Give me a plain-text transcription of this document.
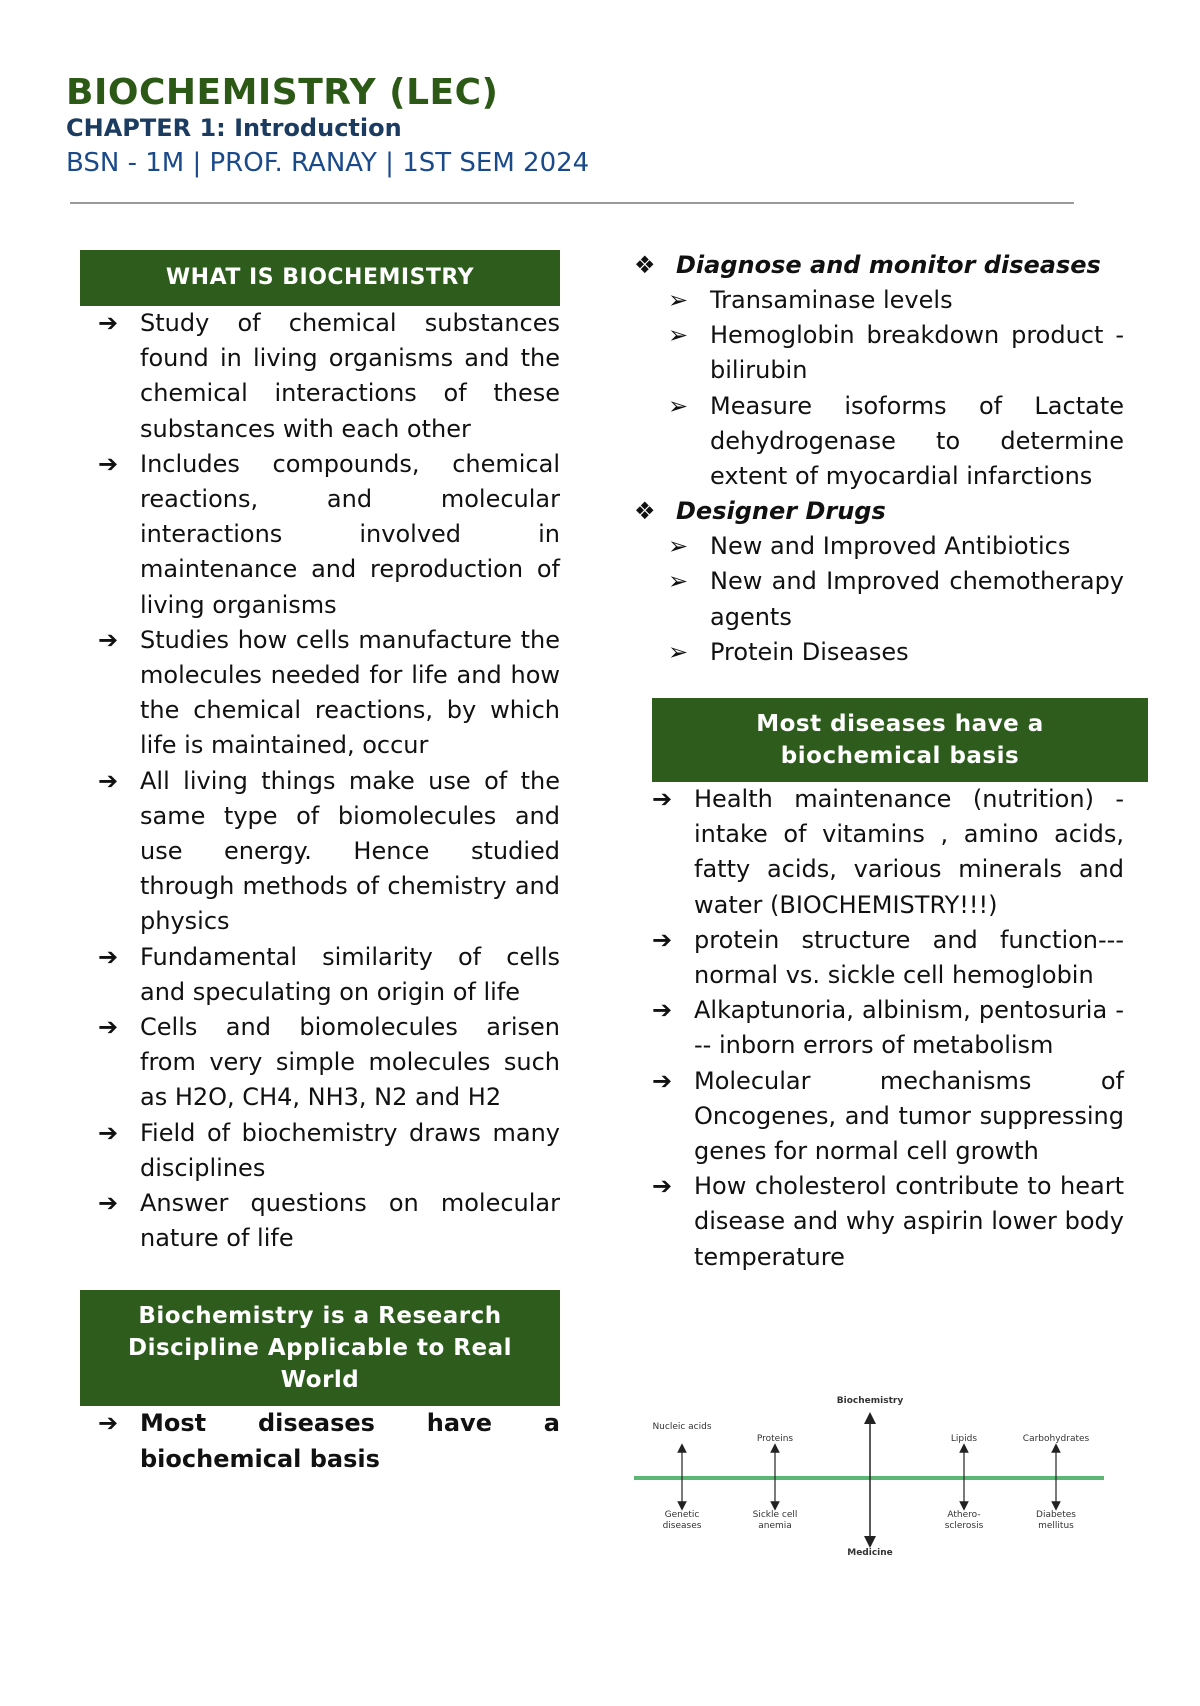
BIOCHEMISTRY (LEC)
CHAPTER 1: Introduction
BSN - 1M | PROF. RANAY | 1ST SEM 2024
WHAT IS BIOCHEMISTRY
➔ Study of chemical substances found in living organisms and the chemical interactions of these substances with each other
➔ Includes compounds, chemical reactions, and molecular interactions involved in maintenance and reproduction of living organisms
➔ Studies how cells manufacture the molecules needed for life and how the chemical reactions, by which life is maintained, occur
➔ All living things make use of the same type of biomolecules and use energy. Hence studied through methods of chemistry and physics
➔ Fundamental similarity of cells and speculating on origin of life
➔ Cells and biomolecules arisen from very simple molecules such as H2O, CH4, NH3, N2 and H2
➔ Field of biochemistry draws many disciplines
➔ Answer questions on molecular nature of life
Biochemistry is a Research
Discipline Applicable to Real World
➔ Most diseases have a biochemical basis
❖ Diagnose and monitor diseases
➢ Transaminase levels
➢ Hemoglobin breakdown product - bilirubin
➢ Measure isoforms of Lactate dehydrogenase to determine extent of myocardial infarctions
❖ Designer Drugs
➢ New and Improved Antibiotics
➢ New and Improved chemotherapy agents
➢ Protein Diseases
Most diseases have a
biochemical basis
➔ Health maintenance (nutrition) - intake of vitamins , amino acids, fatty acids, various minerals and water (BIOCHEMISTRY!!!)
➔ protein structure and function--- normal vs. sickle cell hemoglobin
➔ Alkaptunoria, albinism, pentosuria --- inborn errors of metabolism
➔ Molecular mechanisms of Oncogenes, and tumor suppressing genes for normal cell growth
➔ How cholesterol contribute to heart disease and why aspirin lower body temperature
Biochemistry
Medicine
Nucleic acids
Proteins	Lipids	Carbohydrates
Genetic diseases
Sickle cell anemia
Athero- sclerosis
Diabetes mellitus
